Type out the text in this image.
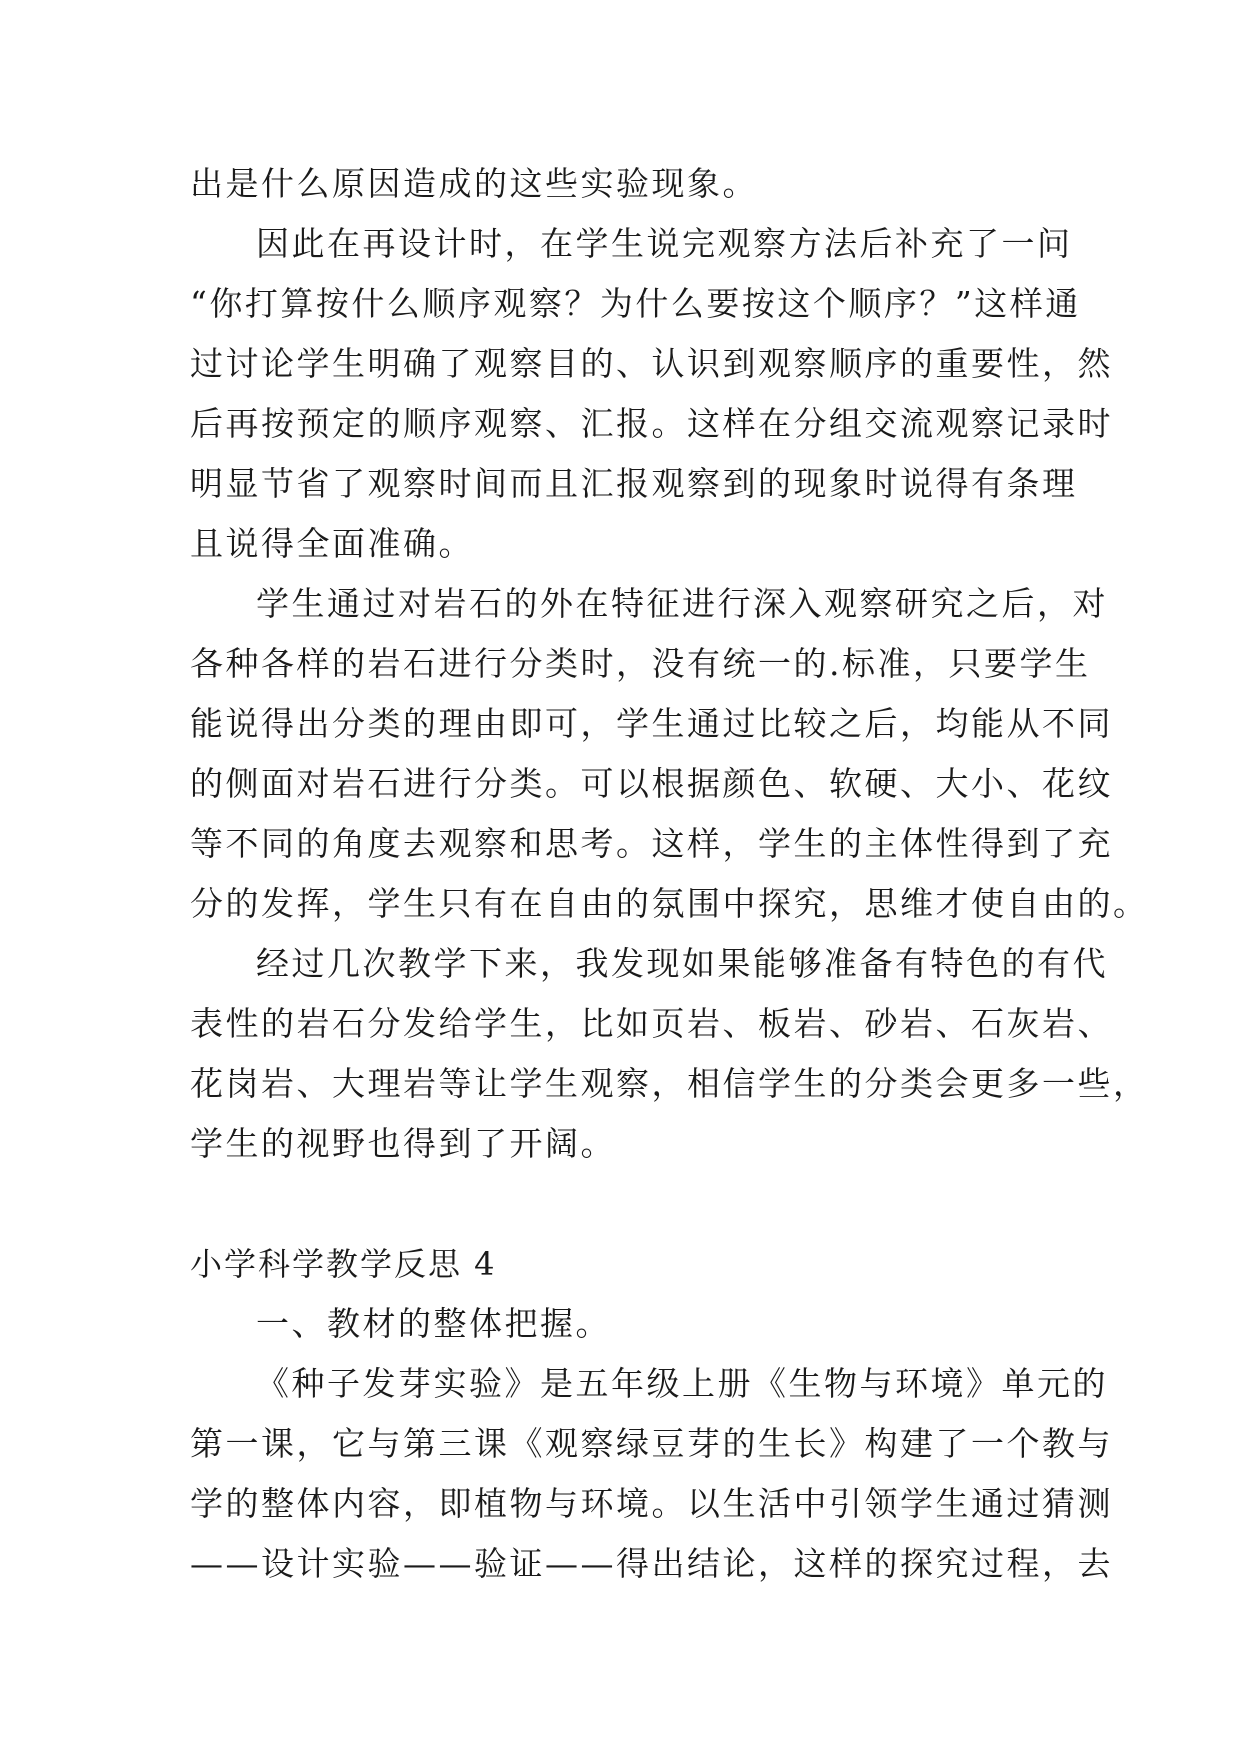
出是什么原因造成的这些实验现象。
因此在再设计时，在学生说完观察方法后补充了一问
“你打算按什么顺序观察？为什么要按这个顺序？”这样通
过讨论学生明确了观察目的、认识到观察顺序的重要性，然
后再按预定的顺序观察、汇报。这样在分组交流观察记录时
明显节省了观察时间而且汇报观察到的现象时说得有条理
且说得全面准确。
学生通过对岩石的外在特征进行深入观察研究之后，对
各种各样的岩石进行分类时，没有统一的.标准，只要学生
能说得出分类的理由即可，学生通过比较之后，均能从不同
的侧面对岩石进行分类。可以根据颜色、软硬、大小、花纹
等不同的角度去观察和思考。这样，学生的主体性得到了充
分的发挥，学生只有在自由的氛围中探究，思维才使自由的。
经过几次教学下来，我发现如果能够准备有特色的有代
表性的岩石分发给学生，比如页岩、板岩、砂岩、石灰岩、
花岗岩、大理岩等让学生观察，相信学生的分类会更多一些，
学生的视野也得到了开阔。
小学科学教学反思 4
一、教材的整体把握。
《种子发芽实验》是五年级上册《生物与环境》单元的
第一课，它与第三课《观察绿豆芽的生长》构建了一个教与
学的整体内容，即植物与环境。以生活中引领学生通过猜测
——设计实验——验证——得出结论，这样的探究过程，去
